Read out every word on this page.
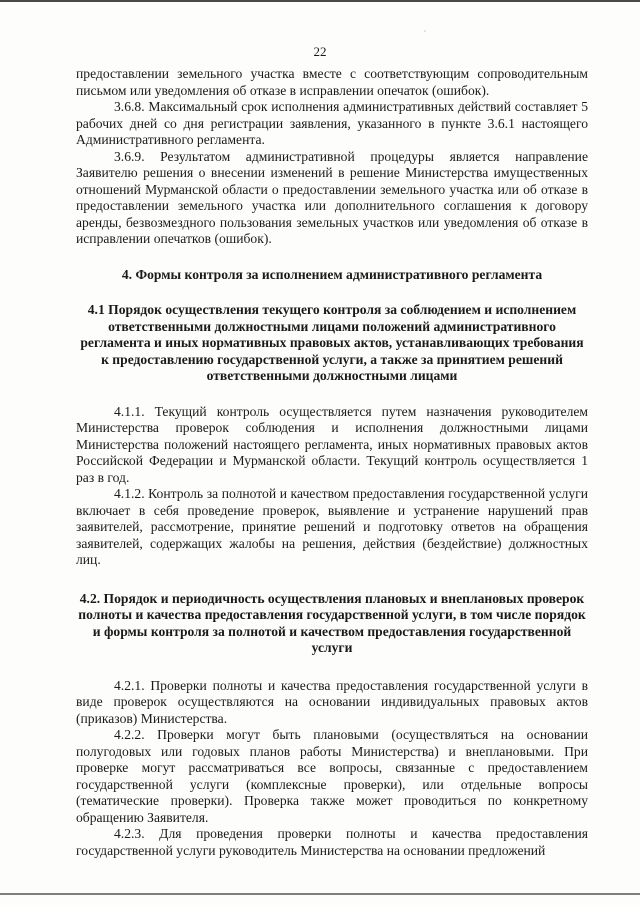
22

предоставлении земельного участка вместе с соответствующим сопроводительным письмом или уведомления об отказе в исправлении опечаток (ошибок).

3.6.8. Максимальный срок исполнения административных действий составляет 5 рабочих дней со дня регистрации заявления, указанного в пункте 3.6.1 настоящего Административного регламента.

3.6.9. Результатом административной процедуры является направление Заявителю решения о внесении изменений в решение Министерства имущественных отношений Мурманской области о предоставлении земельного участка или об отказе в предоставлении земельного участка или дополнительного соглашения к договору аренды, безвозмездного пользования земельных участков или уведомления об отказе в исправлении опечатков (ошибок).

4. Формы контроля за исполнением административного регламента
4.1 Порядок осуществления текущего контроля за соблюдением и исполнением ответственными должностными лицами положений административного регламента и иных нормативных правовых актов, устанавливающих требования к предоставлению государственной услуги, а также за принятием решений ответственными должностными лицами

4.1.1. Текущий контроль осуществляется путем назначения руководителем Министерства проверок соблюдения и исполнения должностными лицами Министерства положений настоящего регламента, иных нормативных правовых актов Российской Федерации и Мурманской области. Текущий контроль осуществляется 1 раз в год.

4.1.2. Контроль за полнотой и качеством предоставления государственной услуги включает в себя проведение проверок, выявление и устранение нарушений прав заявителей, рассмотрение, принятие решений и подготовку ответов на обращения заявителей, содержащих жалобы на решения, действия (бездействие) должностных лиц.

4.2. Порядок и периодичность осуществления плановых и внеплановых проверок полноты и качества предоставления государственной услуги, в том числе порядок и формы контроля за полнотой и качеством предоставления государственной услуги

4.2.1. Проверки полноты и качества предоставления государственной услуги в виде проверок осуществляются на основании индивидуальных правовых актов (приказов) Министерства.

4.2.2. Проверки могут быть плановыми (осуществляться на основании полугодовых или годовых планов работы Министерства) и внеплановыми. При проверке могут рассматриваться все вопросы, связанные с предоставлением государственной услуги (комплексные проверки), или отдельные вопросы (тематические проверки). Проверка также может проводиться по конкретному обращению Заявителя.

4.2.3. Для проведения проверки полноты и качества предоставления государственной услуги руководитель Министерства на основании предложений
